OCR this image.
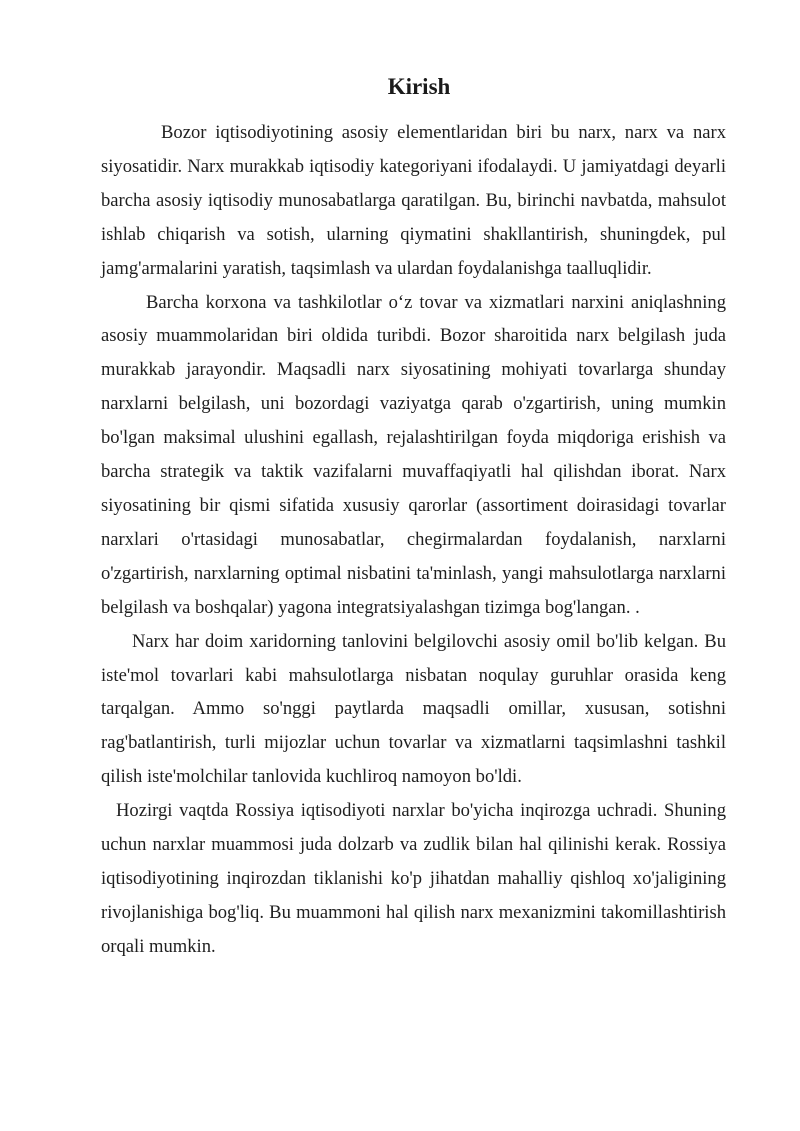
Kirish

Bozor iqtisodiyotining asosiy elementlaridan biri bu narx, narx va narx siyosatidir. Narx murakkab iqtisodiy kategoriyani ifodalaydi. U jamiyatdagi deyarli barcha asosiy iqtisodiy munosabatlarga qaratilgan. Bu, birinchi navbatda, mahsulot ishlab chiqarish va sotish, ularning qiymatini shakllantirish, shuningdek, pul jamg'armalarini yaratish, taqsimlash va ulardan foydalanishga taalluqlidir.

Barcha korxona va tashkilotlar o‘z tovar va xizmatlari narxini aniqlashning asosiy muammolaridan biri oldida turibdi. Bozor sharoitida narx belgilash juda murakkab jarayondir. Maqsadli narx siyosatining mohiyati tovarlarga shunday narxlarni belgilash, uni bozordagi vaziyatga qarab o'zgartirish, uning mumkin bo'lgan maksimal ulushini egallash, rejalashtirilgan foyda miqdoriga erishish va barcha strategik va taktik vazifalarni muvaffaqiyatli hal qilishdan iborat. Narx siyosatining bir qismi sifatida xususiy qarorlar (assortiment doirasidagi tovarlar narxlari o'rtasidagi munosabatlar, chegirmalardan foydalanish, narxlarni o'zgartirish, narxlarning optimal nisbatini ta'minlash, yangi mahsulotlarga narxlarni belgilash va boshqalar) yagona integratsiyalashgan tizimga bog'langan. .

Narx har doim xaridorning tanlovini belgilovchi asosiy omil bo'lib kelgan. Bu iste'mol tovarlari kabi mahsulotlarga nisbatan noqulay guruhlar orasida keng tarqalgan. Ammo so'nggi paytlarda maqsadli omillar, xususan, sotishni rag'batlantirish, turli mijozlar uchun tovarlar va xizmatlarni taqsimlashni tashkil qilish iste'molchilar tanlovida kuchliroq namoyon bo'ldi.

Hozirgi vaqtda Rossiya iqtisodiyoti narxlar bo'yicha inqirozga uchradi. Shuning uchun narxlar muammosi juda dolzarb va zudlik bilan hal qilinishi kerak. Rossiya iqtisodiyotining inqirozdan tiklanishi ko'p jihatdan mahalliy qishloq xo'jaligining rivojlanishiga bog'liq. Bu muammoni hal qilish narx mexanizmini takomillashtirish orqali mumkin.
